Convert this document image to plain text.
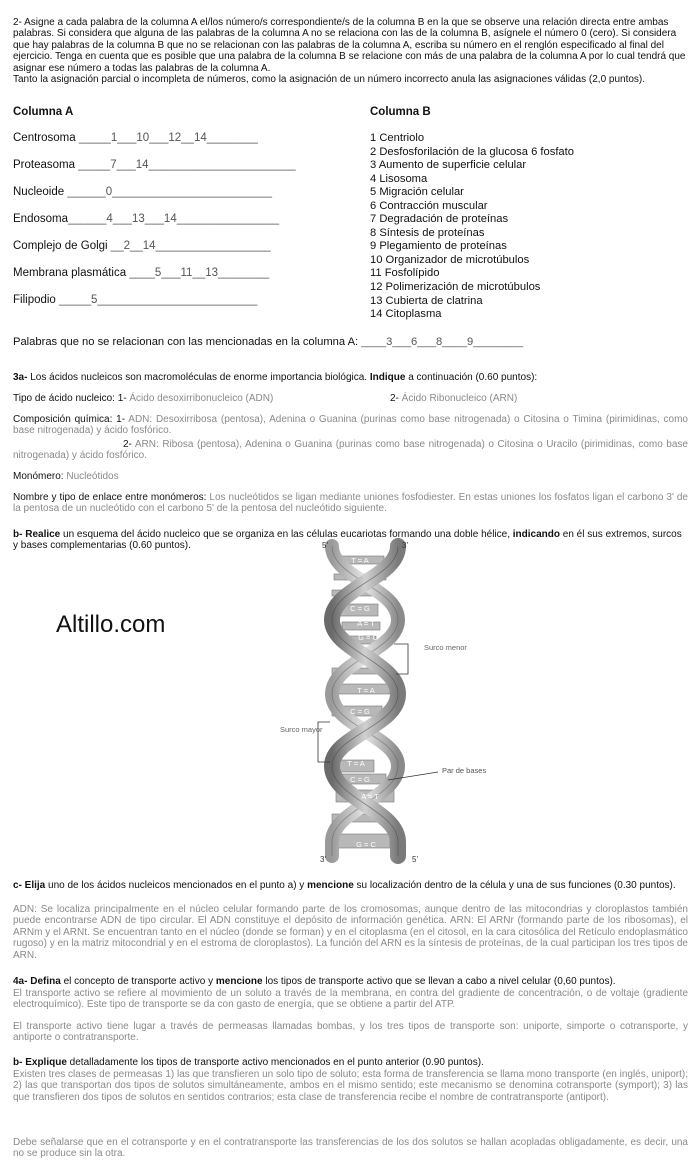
2- Asigne a cada palabra de la columna A el/los número/s correspondiente/s de la columna B en la que se observe una relación directa entre ambas palabras. Si considera que alguna de las palabras de la columna A no se relaciona con las de la columna B, asígnele el número 0 (cero). Si considera que hay palabras de la columna B que no se relacionan con las palabras de la columna A, escriba su número en el renglón especificado al final del ejercicio. Tenga en cuenta que es posible que una palabra de la columna B se relacione con más de una palabra de la columna A por lo cual tendrá que asignar ese número a todas las palabras de la columna A.
Tanto la asignación parcial o incompleta de números, como la asignación de un número incorrecto anula las asignaciones válidas (2,0 puntos).

Columna A	Columna B
Centrosoma _____1___10___12__14________
Proteasoma _____7___14_______________________
Nucleoide ______0_________________________
Endosoma______4___13___14________________
Complejo de Golgi __2__14__________________
Membrana plasmática ____5___11__13________
Filipodio _____5_________________________
1 Centriolo
2 Desfosforilación de la glucosa 6 fosfato
3 Aumento de superficie celular
4 Lisosoma
5 Migración celular
6 Contracción muscular
7 Degradación de proteínas
8 Síntesis de proteínas
9 Plegamiento de proteínas
10 Organizador de microtúbulos
11 Fosfolípido
12 Polimerización de microtúbulos
13 Cubierta de clatrina
14 Citoplasma
Palabras que no se relacionan con las mencionadas en la columna A: ____3___6___8____9________

3a- Los ácidos nucleicos son macromoléculas de enorme importancia biológica. Indique a continuación (0.60 puntos):

Tipo de ácido nucleico: 1- Ácido desoxirribonucleico (ADN)	2- Ácido Ribonucleico (ARN)

Composición química: 1- ADN: Desoxirribosa (pentosa), Adenina o Guanina (purinas como base nitrogenada) o Citosina o Timina (pirimidinas, como base nitrogenada) y ácido fosfórico.

2- ARN: Ribosa (pentosa), Adenina o Guanina (purinas como base nitrogenada) o Citosina o Uracilo (pirimidinas, como base nitrogenada) y ácido fosfórico.

Monómero: Nucleótidos

Nombre y tipo de enlace entre monómeros: Los nucleótidos se ligan mediante uniones fosfodiester. En estas uniones los fosfatos ligan el carbono 3' de la pentosa de un nucleótido con el carbono 5' de la pentosa del nucleótido siguiente.

b- Realice un esquema del ácido nucleico que se organiza en las células eucariotas formando una doble hélice, indicando en él sus extremos, surcos y bases complementarias (0.60 puntos).

Altillo.com
T = A
C = G
A = T
G = C
T = A
C = G
T = A
C = G
A = T
G = C
5'	3'
3'	5'
Surco menor
Surco mayor
Par de bases

c- Elija uno de los ácidos nucleicos mencionados en el punto a) y mencione su localización dentro de la célula y una de sus funciones (0.30 puntos).

ADN: Se localiza principalmente en el núcleo celular formando parte de los cromosomas, aunque dentro de las mitocondrias y cloroplastos también puede encontrarse ADN de tipo circular. El ADN constituye el depósito de información genética. ARN: El ARNr (formando parte de los ribosomas), el ARNm y el ARNt. Se encuentran tanto en el núcleo (donde se forman) y en el citoplasma (en el citosol, en la cara citosólica del Retículo endoplasmático rugoso) y en la matriz mitocondrial y en el estroma de cloroplastos). La función del ARN es la síntesis de proteínas, de la cual participan los tres tipos de ARN.

4a- Defina el concepto de transporte activo y mencione los tipos de transporte activo que se llevan a cabo a nivel celular (0,60 puntos).

El transporte activo se refiere al movimiento de un soluto a través de la membrana, en contra del gradiente de concentración, o de voltaje (gradiente electroquímico). Este tipo de transporte se da con gasto de energía, que se obtiene a partir del ATP.

El transporte activo tiene lugar a través de permeasas llamadas bombas, y los tres tipos de transporte son: uniporte, simporte o cotransporte, y antiporte o contratransporte.

b- Explique detalladamente los tipos de transporte activo mencionados en el punto anterior (0.90 puntos).

Existen tres clases de permeasas 1) las que transfieren un solo tipo de soluto; esta forma de transferencia se llama mono transporte (en inglés, uniport); 2) las que transportan dos tipos de solutos simultáneamente, ambos en el mismo sentido; este mecanismo se denomina cotransporte (symport); 3) las que transfieren dos tipos de solutos en sentidos contrarios; esta clase de transferencia recibe el nombre de contratransporte (antiport).

Debe señalarse que en el cotransporte y en el contratransporte las transferencias de los dos solutos se hallan acopladas obligadamente, es decir, una no se produce sin la otra.
